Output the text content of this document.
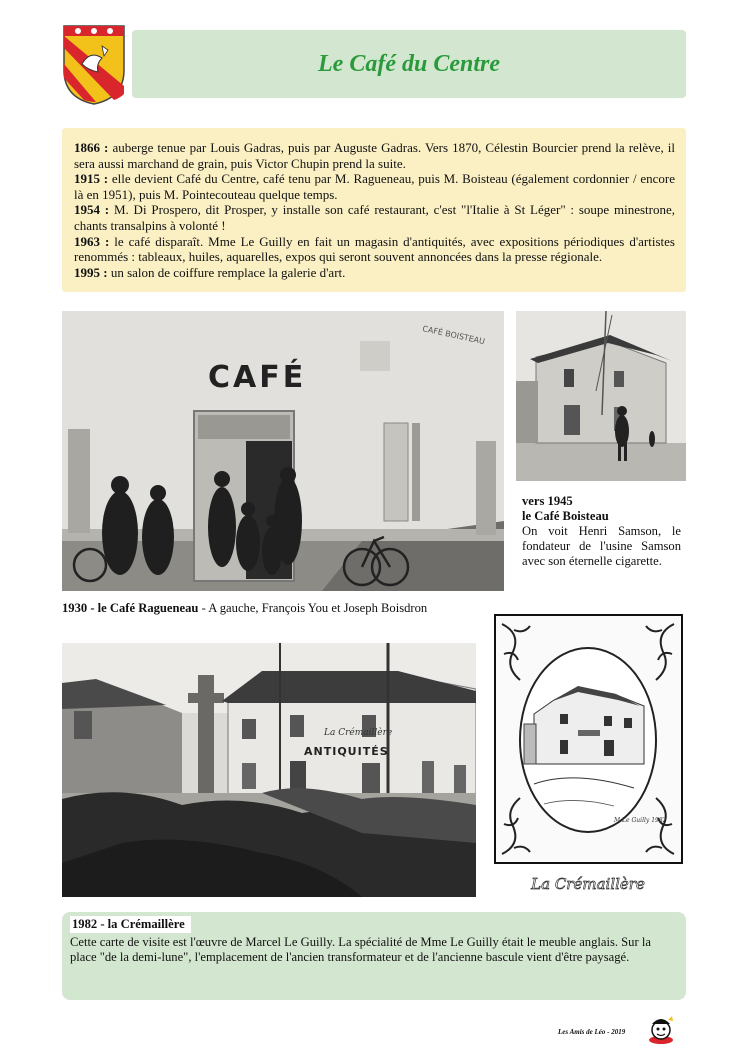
Le Café du Centre

1866 : auberge tenue par Louis Gadras, puis par Auguste Gadras. Vers 1870, Célestin Bourcier prend la relève, il sera aussi marchand de grain, puis Victor Chupin prend la suite.

1915 : elle devient Café du Centre, café tenu par M. Ragueneau, puis M. Boisteau (également cordonnier / encore là en 1951), puis M. Pointecouteau quelque temps.

1954 : M. Di Prospero, dit Prosper, y installe son café restaurant, c'est "l'Italie à St Léger" : soupe minestrone, chants transalpins à volonté !

1963 : le café disparaît. Mme Le Guilly en fait un magasin d'antiquités, avec expositions périodiques d'artistes renommés : tableaux, huiles, aquarelles, expos qui seront souvent annoncées dans la presse régionale.

1995 : un salon de coiffure remplace la galerie d'art.

CAFÉ
CAFÉ BOISTEAU
vers 1945
le Café Boisteau
On voit Henri Samson, le fondateur de l'usine Samson avec son éternelle cigarette.
1930 - le Café Ragueneau - A gauche, François You et Joseph Boisdron
La Crémaillère
ANTIQUITÉS
M Le Guilly 1982
La Crémaillère
1982 - la Crémaillère

Cette carte de visite est l'œuvre de Marcel Le Guilly. La spécialité de Mme Le Guilly était le meuble anglais. Sur la place "de la demi-lune", l'emplacement de l'ancien transformateur et de l'ancienne bascule vient d'être paysagé.

Les Amis de Léo - 2019
